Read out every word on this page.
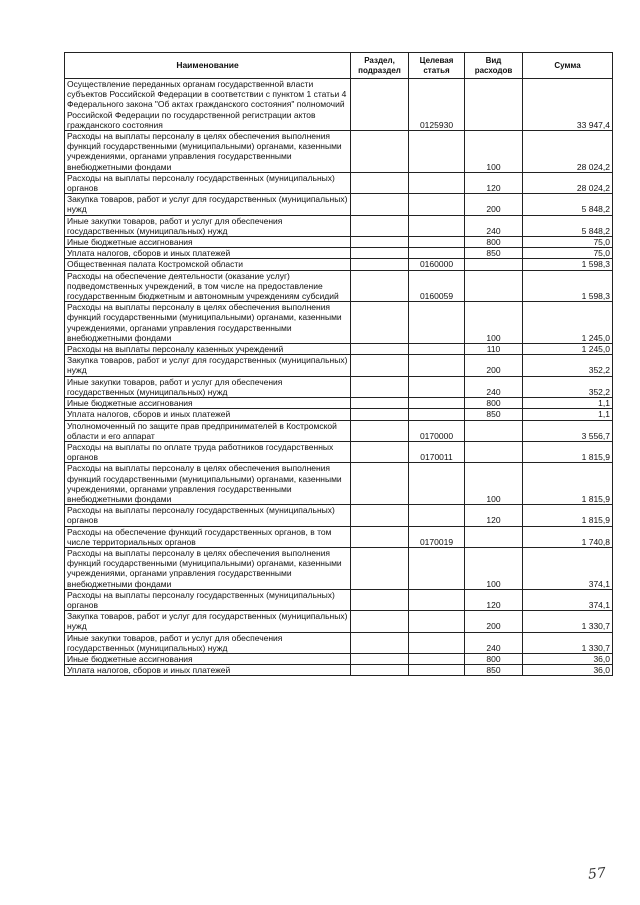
Наименование	Раздел, подраздел	Целевая статья	Вид расходов	Сумма
Осуществление переданных органам государственной власти субъектов Российской Федерации в соответствии с пунктом 1 статьи 4 Федерального закона "Об актах гражданского состояния" полномочий Российской Федерации по государственной регистрации актов гражданского состояния		0125930		33 947,4
Расходы на выплаты персоналу в целях обеспечения выполнения функций государственными (муниципальными) органами, казенными учреждениями, органами управления государственными внебюджетными фондами			100	28 024,2
Расходы на выплаты персоналу государственных (муниципальных) органов			120	28 024,2
Закупка товаров, работ и услуг для государственных (муниципальных) нужд			200	5 848,2
Иные закупки товаров, работ и услуг для обеспечения государственных (муниципальных) нужд			240	5 848,2
Иные бюджетные ассигнования			800	75,0
Уплата налогов, сборов и иных платежей			850	75,0
Общественная палата Костромской области		0160000		1 598,3
Расходы на обеспечение деятельности (оказание услуг) подведомственных учреждений, в том числе на предоставление государственным бюджетным и автономным учреждениям субсидий		0160059		1 598,3
Расходы на выплаты персоналу в целях обеспечения выполнения функций государственными (муниципальными) органами, казенными учреждениями, органами управления государственными внебюджетными фондами			100	1 245,0
Расходы на выплаты персоналу казенных учреждений			110	1 245,0
Закупка товаров, работ и услуг для государственных (муниципальных) нужд			200	352,2
Иные закупки товаров, работ и услуг для обеспечения государственных (муниципальных) нужд			240	352,2
Иные бюджетные ассигнования			800	1,1
Уплата налогов, сборов и иных платежей			850	1,1
Уполномоченный по защите прав предпринимателей в Костромской области и его аппарат		0170000		3 556,7
Расходы на выплаты по оплате труда работников государственных органов		0170011		1 815,9
Расходы на выплаты персоналу в целях обеспечения выполнения функций государственными (муниципальными) органами, казенными учреждениями, органами управления государственными внебюджетными фондами			100	1 815,9
Расходы на выплаты персоналу государственных (муниципальных) органов			120	1 815,9
Расходы на обеспечение функций государственных органов, в том числе территориальных органов		0170019		1 740,8
Расходы на выплаты персоналу в целях обеспечения выполнения функций государственными (муниципальными) органами, казенными учреждениями, органами управления государственными внебюджетными фондами			100	374,1
Расходы на выплаты персоналу государственных (муниципальных) органов			120	374,1
Закупка товаров, работ и услуг для государственных (муниципальных) нужд			200	1 330,7
Иные закупки товаров, работ и услуг для обеспечения государственных (муниципальных) нужд			240	1 330,7
Иные бюджетные ассигнования			800	36,0
Уплата налогов, сборов и иных платежей			850	36,0
57
